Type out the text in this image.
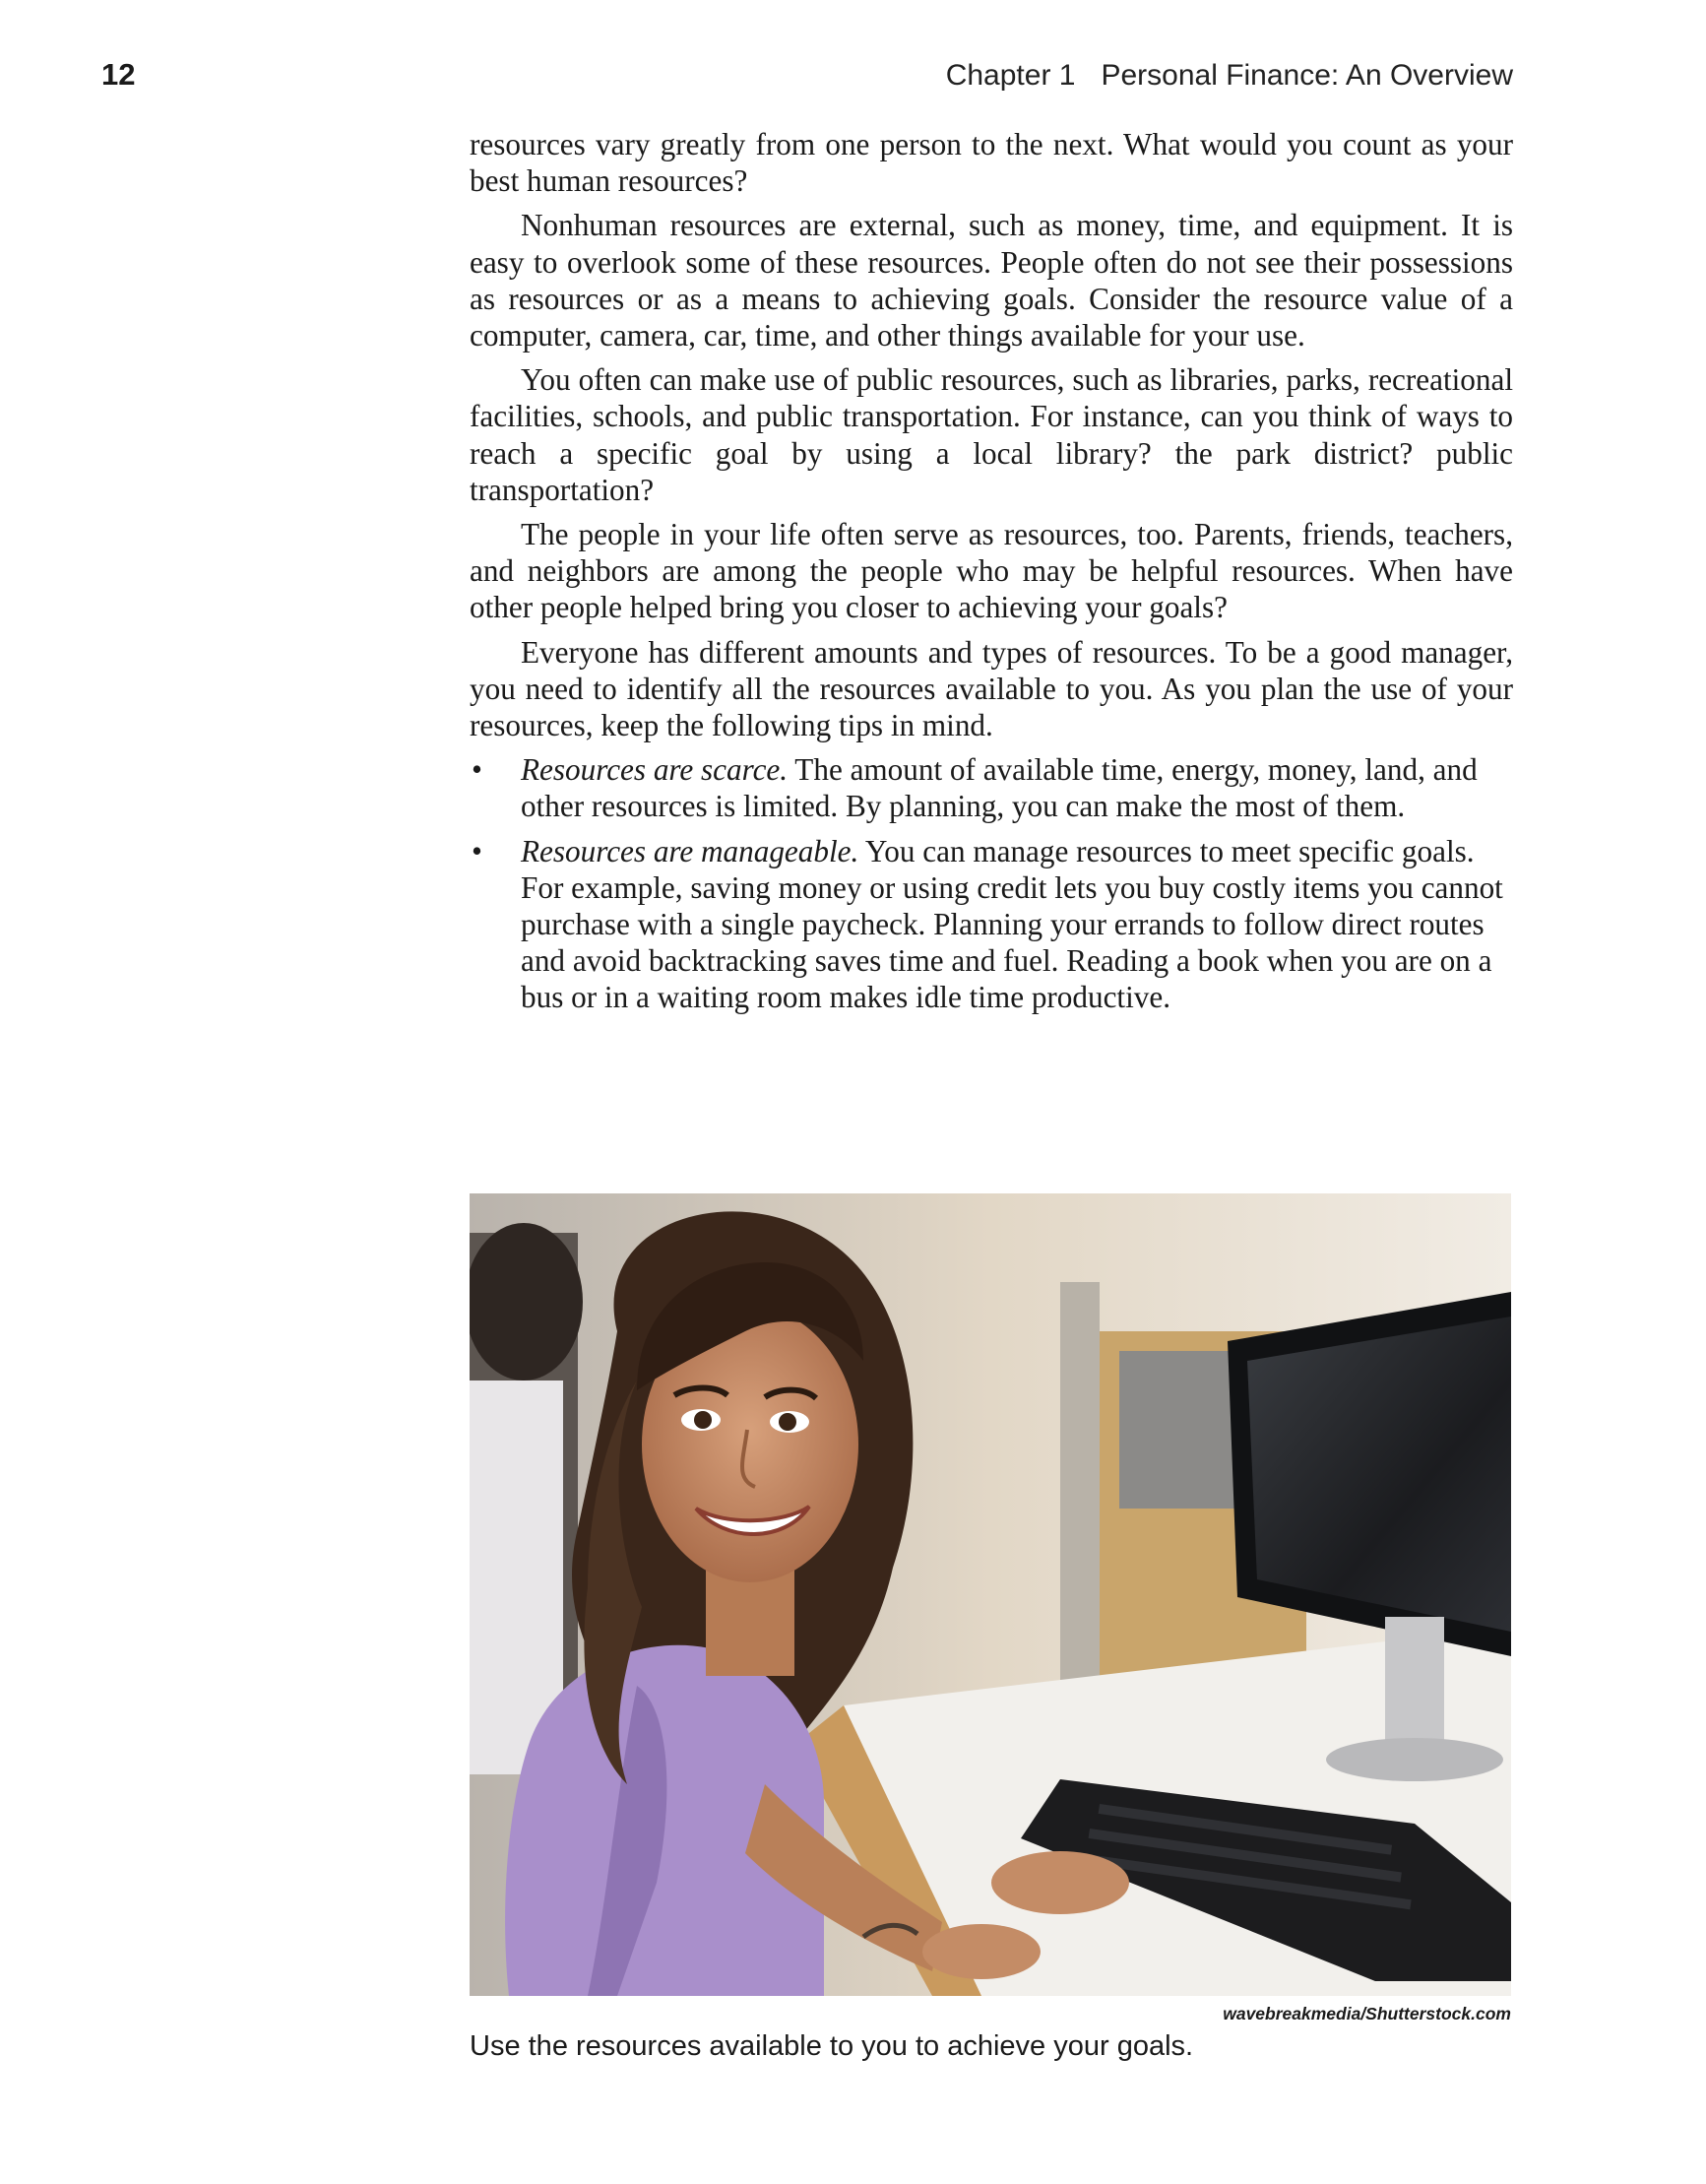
12	Chapter 1 Personal Finance: An Overview

resources vary greatly from one person to the next. What would you count as your best human resources?

Nonhuman resources are external, such as money, time, and equipment. It is easy to overlook some of these resources. People often do not see their possessions as resources or as a means to achieving goals. Consider the resource value of a computer, camera, car, time, and other things available for your use.

You often can make use of public resources, such as libraries, parks, recreational facilities, schools, and public transportation. For instance, can you think of ways to reach a specific goal by using a local library? the park district? public transportation?

The people in your life often serve as resources, too. Parents, friends, teachers, and neighbors are among the people who may be helpful resources. When have other people helped bring you closer to achieving your goals?

Everyone has different amounts and types of resources. To be a good manager, you need to identify all the resources available to you. As you plan the use of your resources, keep the following tips in mind.

• Resources are scarce. The amount of available time, energy, money, land, and other resources is limited. By planning, you can make the most of them.
• Resources are manageable. You can manage resources to meet specific goals. For example, saving money or using credit lets you buy costly items you cannot purchase with a single paycheck. Planning your errands to follow direct routes and avoid backtracking saves time and fuel. Reading a book when you are on a bus or in a waiting room makes idle time productive.
wavebreakmedia/Shutterstock.com
Use the resources available to you to achieve your goals.
